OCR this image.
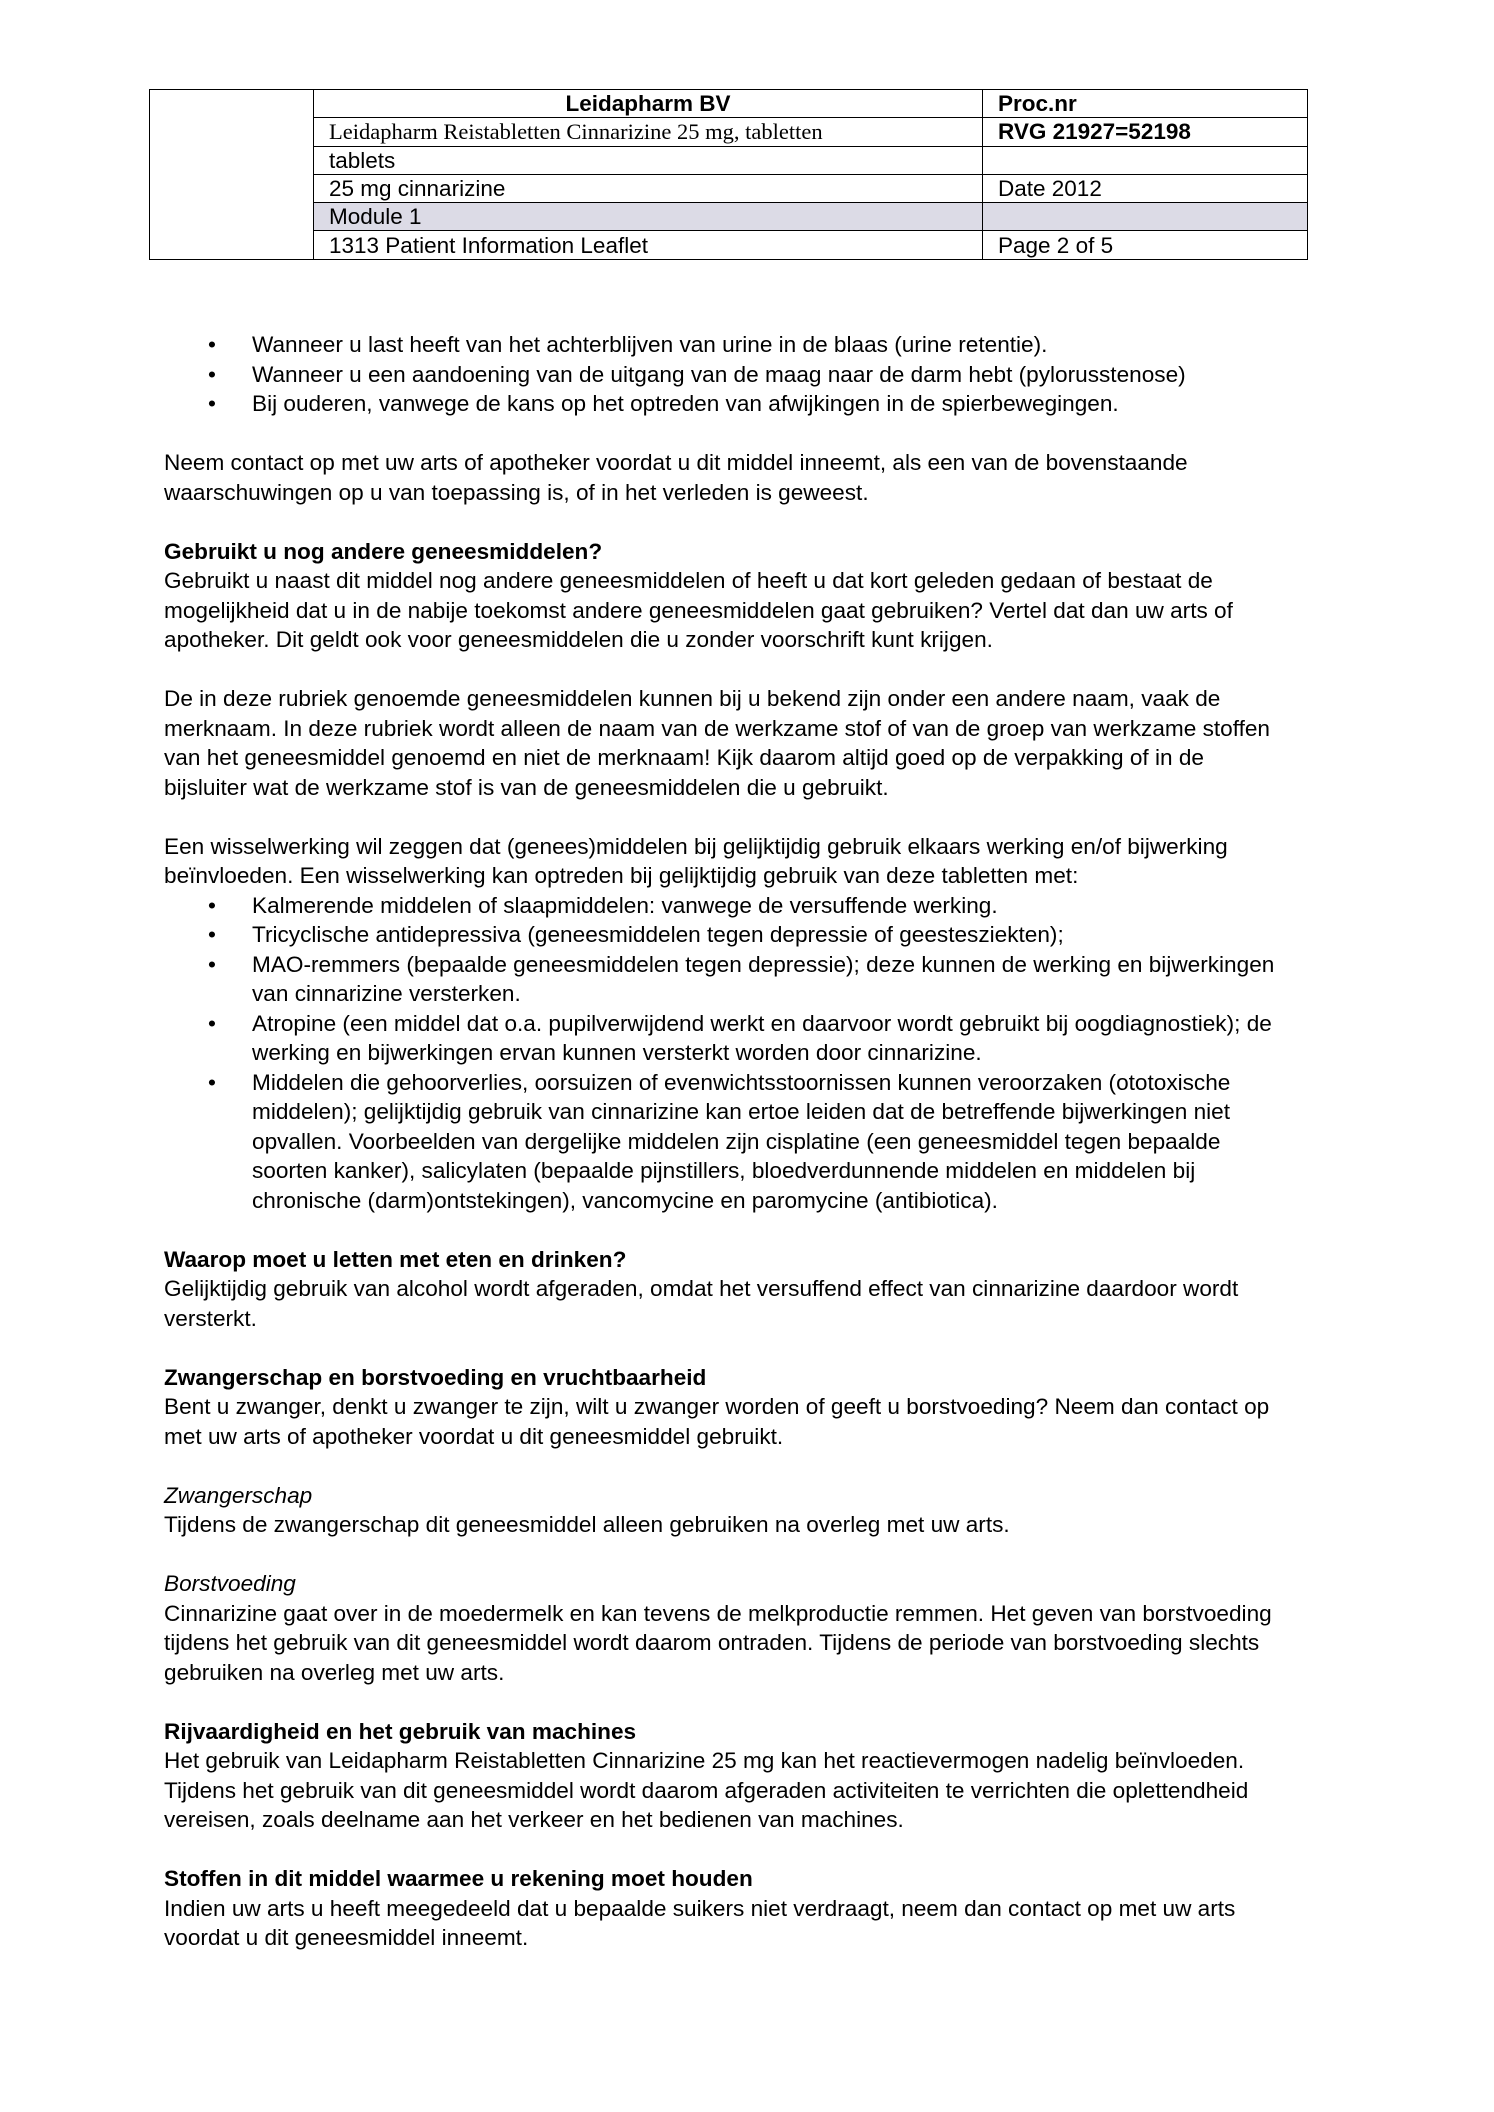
	Leidapharm BV	Proc.nr
	Leidapharm Reistabletten Cinnarizine 25 mg, tabletten	RVG 21927=52198
	tablets	
	25 mg cinnarizine	Date 2012
	Module 1	
	1313 Patient Information Leaflet	Page 2 of 5
• Wanneer u last heeft van het achterblijven van urine in de blaas (urine retentie).
• Wanneer u een aandoening van de uitgang van de maag naar de darm hebt (pylorusstenose)
• Bij ouderen, vanwege de kans op het optreden van afwijkingen in de spierbewegingen.

Neem contact op met uw arts of apotheker voordat u dit middel inneemt, als een van de bovenstaande
waarschuwingen op u van toepassing is, of in het verleden is geweest.

Gebruikt u nog andere geneesmiddelen?

Gebruikt u naast dit middel nog andere geneesmiddelen of heeft u dat kort geleden gedaan of bestaat de
mogelijkheid dat u in de nabije toekomst andere geneesmiddelen gaat gebruiken? Vertel dat dan uw arts of
apotheker. Dit geldt ook voor geneesmiddelen die u zonder voorschrift kunt krijgen.

De in deze rubriek genoemde geneesmiddelen kunnen bij u bekend zijn onder een andere naam, vaak de
merknaam. In deze rubriek wordt alleen de naam van de werkzame stof of van de groep van werkzame stoffen
van het geneesmiddel genoemd en niet de merknaam! Kijk daarom altijd goed op de verpakking of in de
bijsluiter wat de werkzame stof is van de geneesmiddelen die u gebruikt.

Een wisselwerking wil zeggen dat (genees)middelen bij gelijktijdig gebruik elkaars werking en/of bijwerking
beïnvloeden. Een wisselwerking kan optreden bij gelijktijdig gebruik van deze tabletten met:

• Kalmerende middelen of slaapmiddelen: vanwege de versuffende werking.
• Tricyclische antidepressiva (geneesmiddelen tegen depressie of geestesziekten);
• MAO-remmers (bepaalde geneesmiddelen tegen depressie); deze kunnen de werking en bijwerkingen
van cinnarizine versterken.
• Atropine (een middel dat o.a. pupilverwijdend werkt en daarvoor wordt gebruikt bij oogdiagnostiek); de
werking en bijwerkingen ervan kunnen versterkt worden door cinnarizine.
• Middelen die gehoorverlies, oorsuizen of evenwichtsstoornissen kunnen veroorzaken (ototoxische
middelen); gelijktijdig gebruik van cinnarizine kan ertoe leiden dat de betreffende bijwerkingen niet
opvallen. Voorbeelden van dergelijke middelen zijn cisplatine (een geneesmiddel tegen bepaalde
soorten kanker), salicylaten (bepaalde pijnstillers, bloedverdunnende middelen en middelen bij
chronische (darm)ontstekingen), vancomycine en paromycine (antibiotica).

Waarop moet u letten met eten en drinken?

Gelijktijdig gebruik van alcohol wordt afgeraden, omdat het versuffend effect van cinnarizine daardoor wordt
versterkt.

Zwangerschap en borstvoeding en vruchtbaarheid

Bent u zwanger, denkt u zwanger te zijn, wilt u zwanger worden of geeft u borstvoeding? Neem dan contact op
met uw arts of apotheker voordat u dit geneesmiddel gebruikt.

Zwangerschap

Tijdens de zwangerschap dit geneesmiddel alleen gebruiken na overleg met uw arts.

Borstvoeding

Cinnarizine gaat over in de moedermelk en kan tevens de melkproductie remmen. Het geven van borstvoeding
tijdens het gebruik van dit geneesmiddel wordt daarom ontraden. Tijdens de periode van borstvoeding slechts
gebruiken na overleg met uw arts.

Rijvaardigheid en het gebruik van machines

Het gebruik van Leidapharm Reistabletten Cinnarizine 25 mg kan het reactievermogen nadelig beïnvloeden.
Tijdens het gebruik van dit geneesmiddel wordt daarom afgeraden activiteiten te verrichten die oplettendheid
vereisen, zoals deelname aan het verkeer en het bedienen van machines.

Stoffen in dit middel waarmee u rekening moet houden

Indien uw arts u heeft meegedeeld dat u bepaalde suikers niet verdraagt, neem dan contact op met uw arts
voordat u dit geneesmiddel inneemt.
